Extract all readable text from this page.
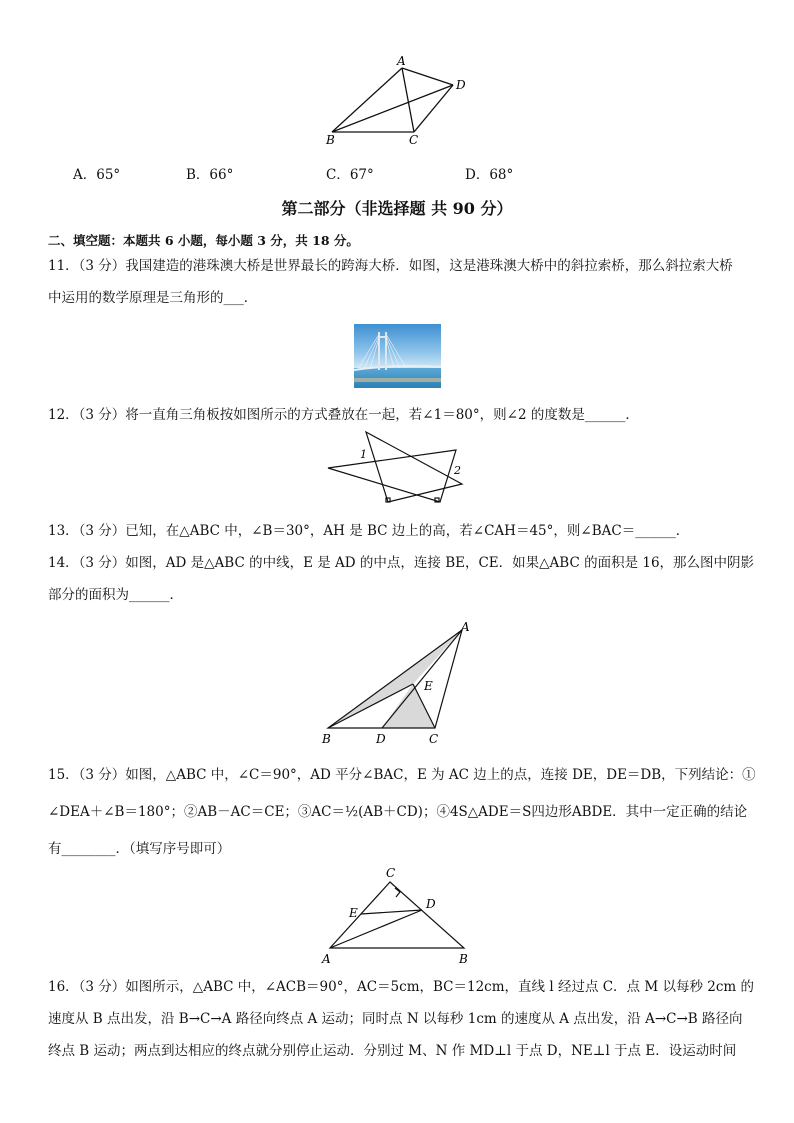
A
D
B	C
A．65°	B．66°	C．67°	D．68°
第二部分（非选择题 共 90 分）
二、填空题：本题共 6 小题，每小题 3 分，共 18 分。
11．（3 分）我国建造的港珠澳大桥是世界最长的跨海大桥．如图，这是港珠澳大桥中的斜拉索桥，那么斜拉索大桥
中运用的数学原理是三角形的___．
12．（3 分）将一直角三角板按如图所示的方式叠放在一起，若∠1＝80°，则∠2 的度数是______．
1
2
13．（3 分）已知，在△ABC 中，∠B＝30°，AH 是 BC 边上的高，若∠CAH＝45°，则∠BAC＝______．
14．（3 分）如图，AD 是△ABC 的中线，E 是 AD 的中点，连接 BE，CE．如果△ABC 的面积是 16，那么图中阴影
部分的面积为______．
A
B	D	C
E
15．（3 分）如图，△ABC 中，∠C＝90°，AD 平分∠BAC，E 为 AC 边上的点，连接 DE，DE＝DB，下列结论：①
∠DEA＋∠B＝180°；②AB－AC＝CE；③AC＝½(AB＋CD)；④4S△ADE＝S四边形ABDE．其中一定正确的结论
有________．（填写序号即可）
C
D
E
A	B
16．（3 分）如图所示，△ABC 中，∠ACB＝90°，AC＝5cm，BC＝12cm，直线 l 经过点 C．点 M 以每秒 2cm 的
速度从 B 点出发，沿 B→C→A 路径向终点 A 运动；同时点 N 以每秒 1cm 的速度从 A 点出发，沿 A→C→B 路径向
终点 B 运动；两点到达相应的终点就分别停止运动．分别过 M、N 作 MD⊥l 于点 D，NE⊥l 于点 E．设运动时间
